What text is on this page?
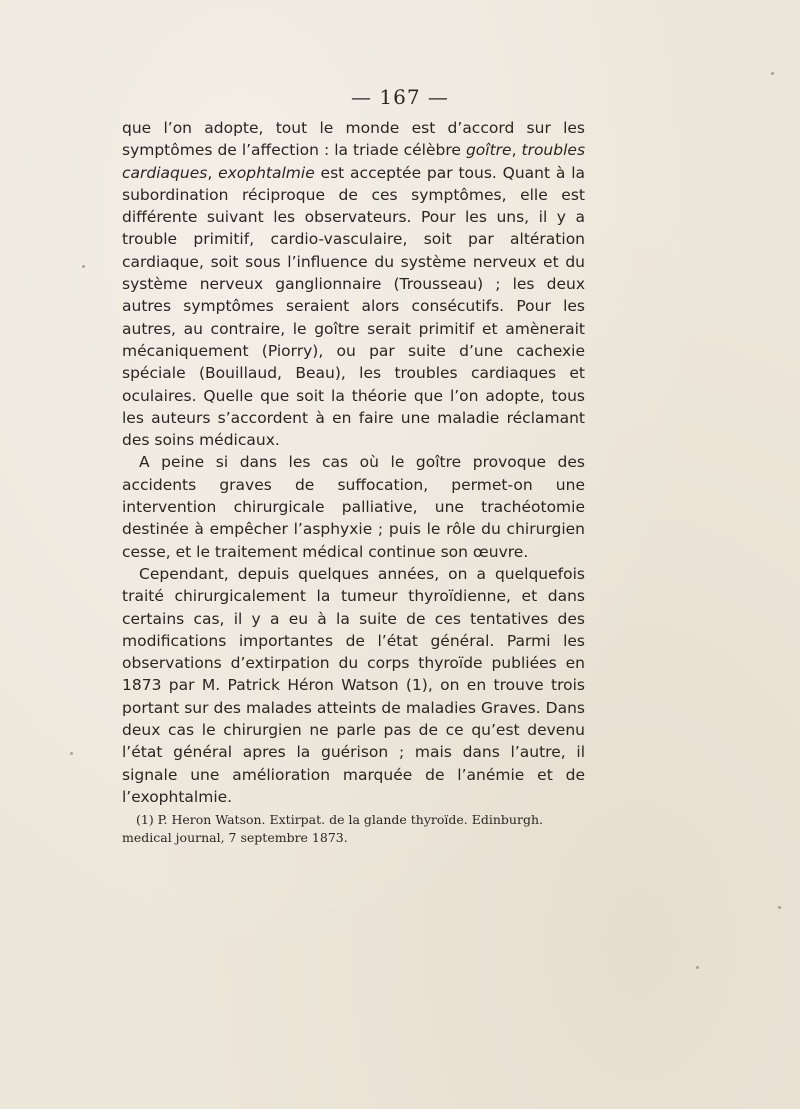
— 167 —

que l’on adopte, tout le monde est d’accord sur les symptômes de l’affection : la triade célèbre goître, troubles cardiaques, exophtalmie est acceptée par tous. Quant à la subordination réciproque de ces symptômes, elle est différente suivant les observateurs. Pour les uns, il y a trouble primitif, cardio-vasculaire, soit par altération cardiaque, soit sous l’influence du système nerveux et du système nerveux ganglionnaire (Trousseau) ; les deux autres symptômes seraient alors consécutifs. Pour les autres, au contraire, le goître serait primitif et amènerait mécaniquement (Piorry), ou par suite d’une cachexie spéciale (Bouillaud, Beau), les troubles cardiaques et oculaires. Quelle que soit la théorie que l’on adopte, tous les auteurs s’accordent à en faire une maladie réclamant des soins médicaux.

A peine si dans les cas où le goître provoque des accidents graves de suffocation, permet-on une intervention chirurgicale palliative, une trachéotomie destinée à empêcher l’asphyxie ; puis le rôle du chirurgien cesse, et le traitement médical continue son œuvre.

Cependant, depuis quelques années, on a quelquefois traité chirurgicalement la tumeur thyroïdienne, et dans certains cas, il y a eu à la suite de ces tentatives des modifications importantes de l’état général. Parmi les observations d’extirpation du corps thyroïde publiées en 1873 par M. Patrick Héron Watson (1), on en trouve trois portant sur des malades atteints de maladies Graves. Dans deux cas le chirurgien ne parle pas de ce qu’est devenu l’état général apres la guérison ; mais dans l’autre, il signale une amélioration marquée de l’anémie et de l’exophtalmie.

(1) P. Heron Watson. Extirpat. de la glande thyroïde. Edinburgh. medical journal, 7 septembre 1873.
